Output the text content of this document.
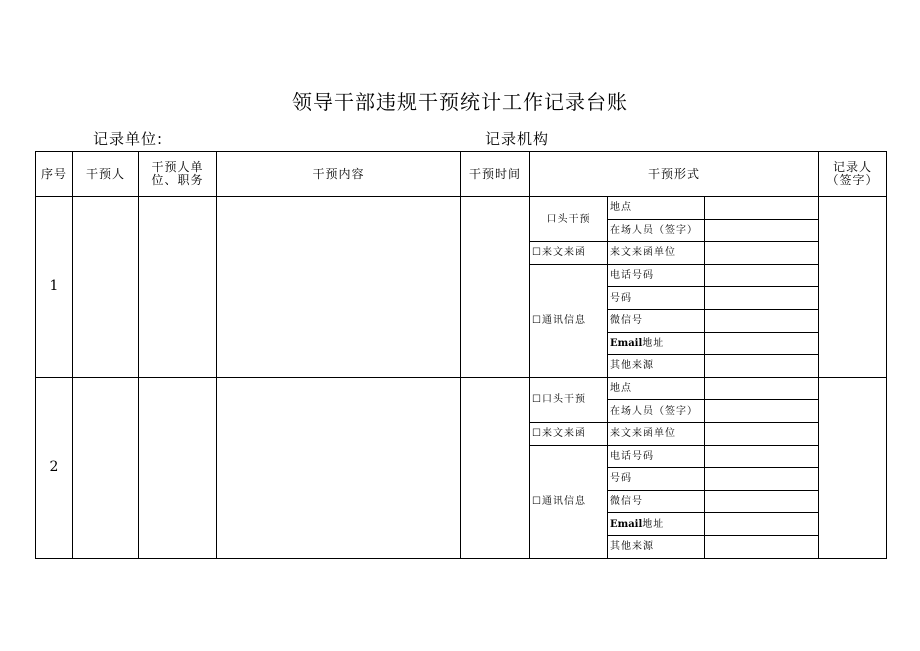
领导干部违规干预统计工作记录台账
记录单位:	记录机构
序号	干预人	干预人单位、职务	干预内容	干预时间	干预形式			记录人（签字）
1					口头干预	地点		
						在场人员（签字）		
					☐来文来函	来文来函单位		
					☐通讯信息	电话号码		
						号码		
						微信号		
						Email地址		
						其他来源		
2					☐口头干预	地点		
						在场人员（签字）		
					☐来文来函	来文来函单位		
					☐通讯信息	电话号码		
						号码		
						微信号		
						Email地址		
						其他来源		
